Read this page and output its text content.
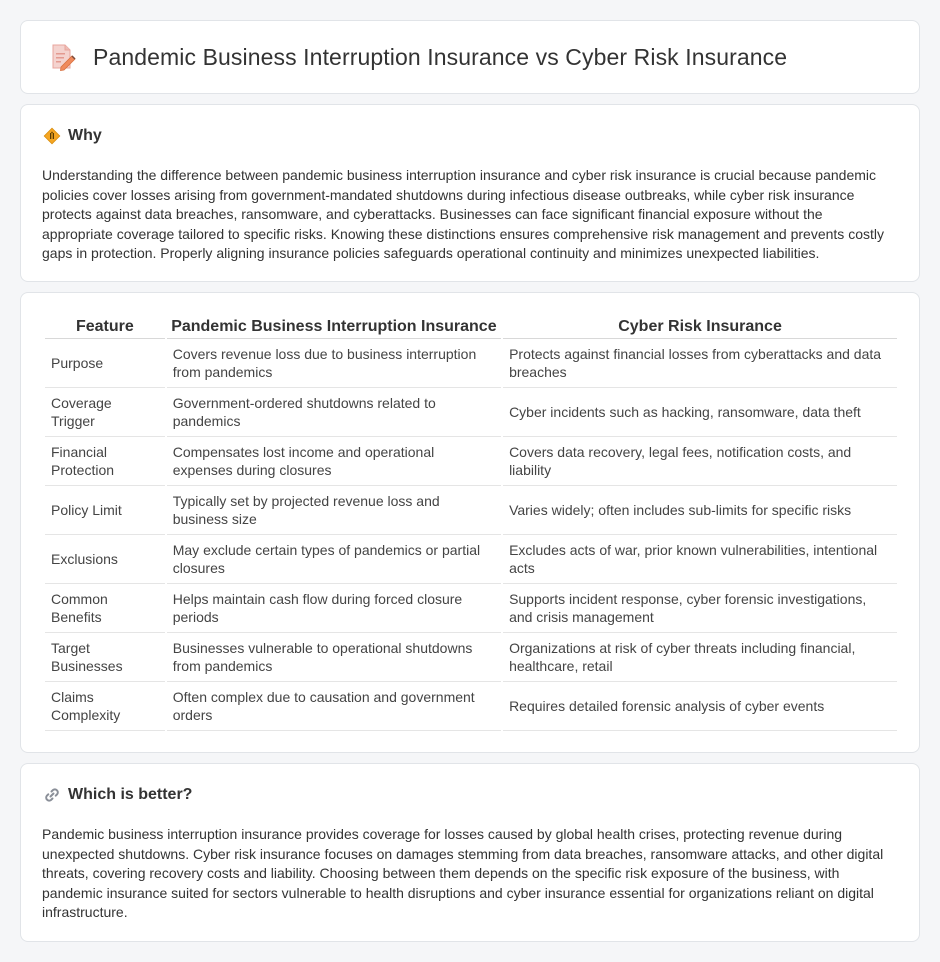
Pandemic Business Interruption Insurance vs Cyber Risk Insurance
Why

Understanding the difference between pandemic business interruption insurance and cyber risk insurance is crucial because pandemic policies cover losses arising from government-mandated shutdowns during infectious disease outbreaks, while cyber risk insurance protects against data breaches, ransomware, and cyberattacks. Businesses can face significant financial exposure without the appropriate coverage tailored to specific risks. Knowing these distinctions ensures comprehensive risk management and prevents costly gaps in protection. Properly aligning insurance policies safeguards operational continuity and minimizes unexpected liabilities.

Feature	Pandemic Business Interruption Insurance	Cyber Risk Insurance
Purpose	Covers revenue loss due to business interruption from pandemics	Protects against financial losses from cyberattacks and data breaches
Coverage Trigger	Government-ordered shutdowns related to pandemics	Cyber incidents such as hacking, ransomware, data theft
Financial Protection	Compensates lost income and operational expenses during closures	Covers data recovery, legal fees, notification costs, and liability
Policy Limit	Typically set by projected revenue loss and business size	Varies widely; often includes sub-limits for specific risks
Exclusions	May exclude certain types of pandemics or partial closures	Excludes acts of war, prior known vulnerabilities, intentional acts
Common Benefits	Helps maintain cash flow during forced closure periods	Supports incident response, cyber forensic investigations, and crisis management
Target Businesses	Businesses vulnerable to operational shutdowns from pandemics	Organizations at risk of cyber threats including financial, healthcare, retail
Claims Complexity	Often complex due to causation and government orders	Requires detailed forensic analysis of cyber events
Which is better?

Pandemic business interruption insurance provides coverage for losses caused by global health crises, protecting revenue during unexpected shutdowns. Cyber risk insurance focuses on damages stemming from data breaches, ransomware attacks, and other digital threats, covering recovery costs and liability. Choosing between them depends on the specific risk exposure of the business, with pandemic insurance suited for sectors vulnerable to health disruptions and cyber insurance essential for organizations reliant on digital infrastructure.
